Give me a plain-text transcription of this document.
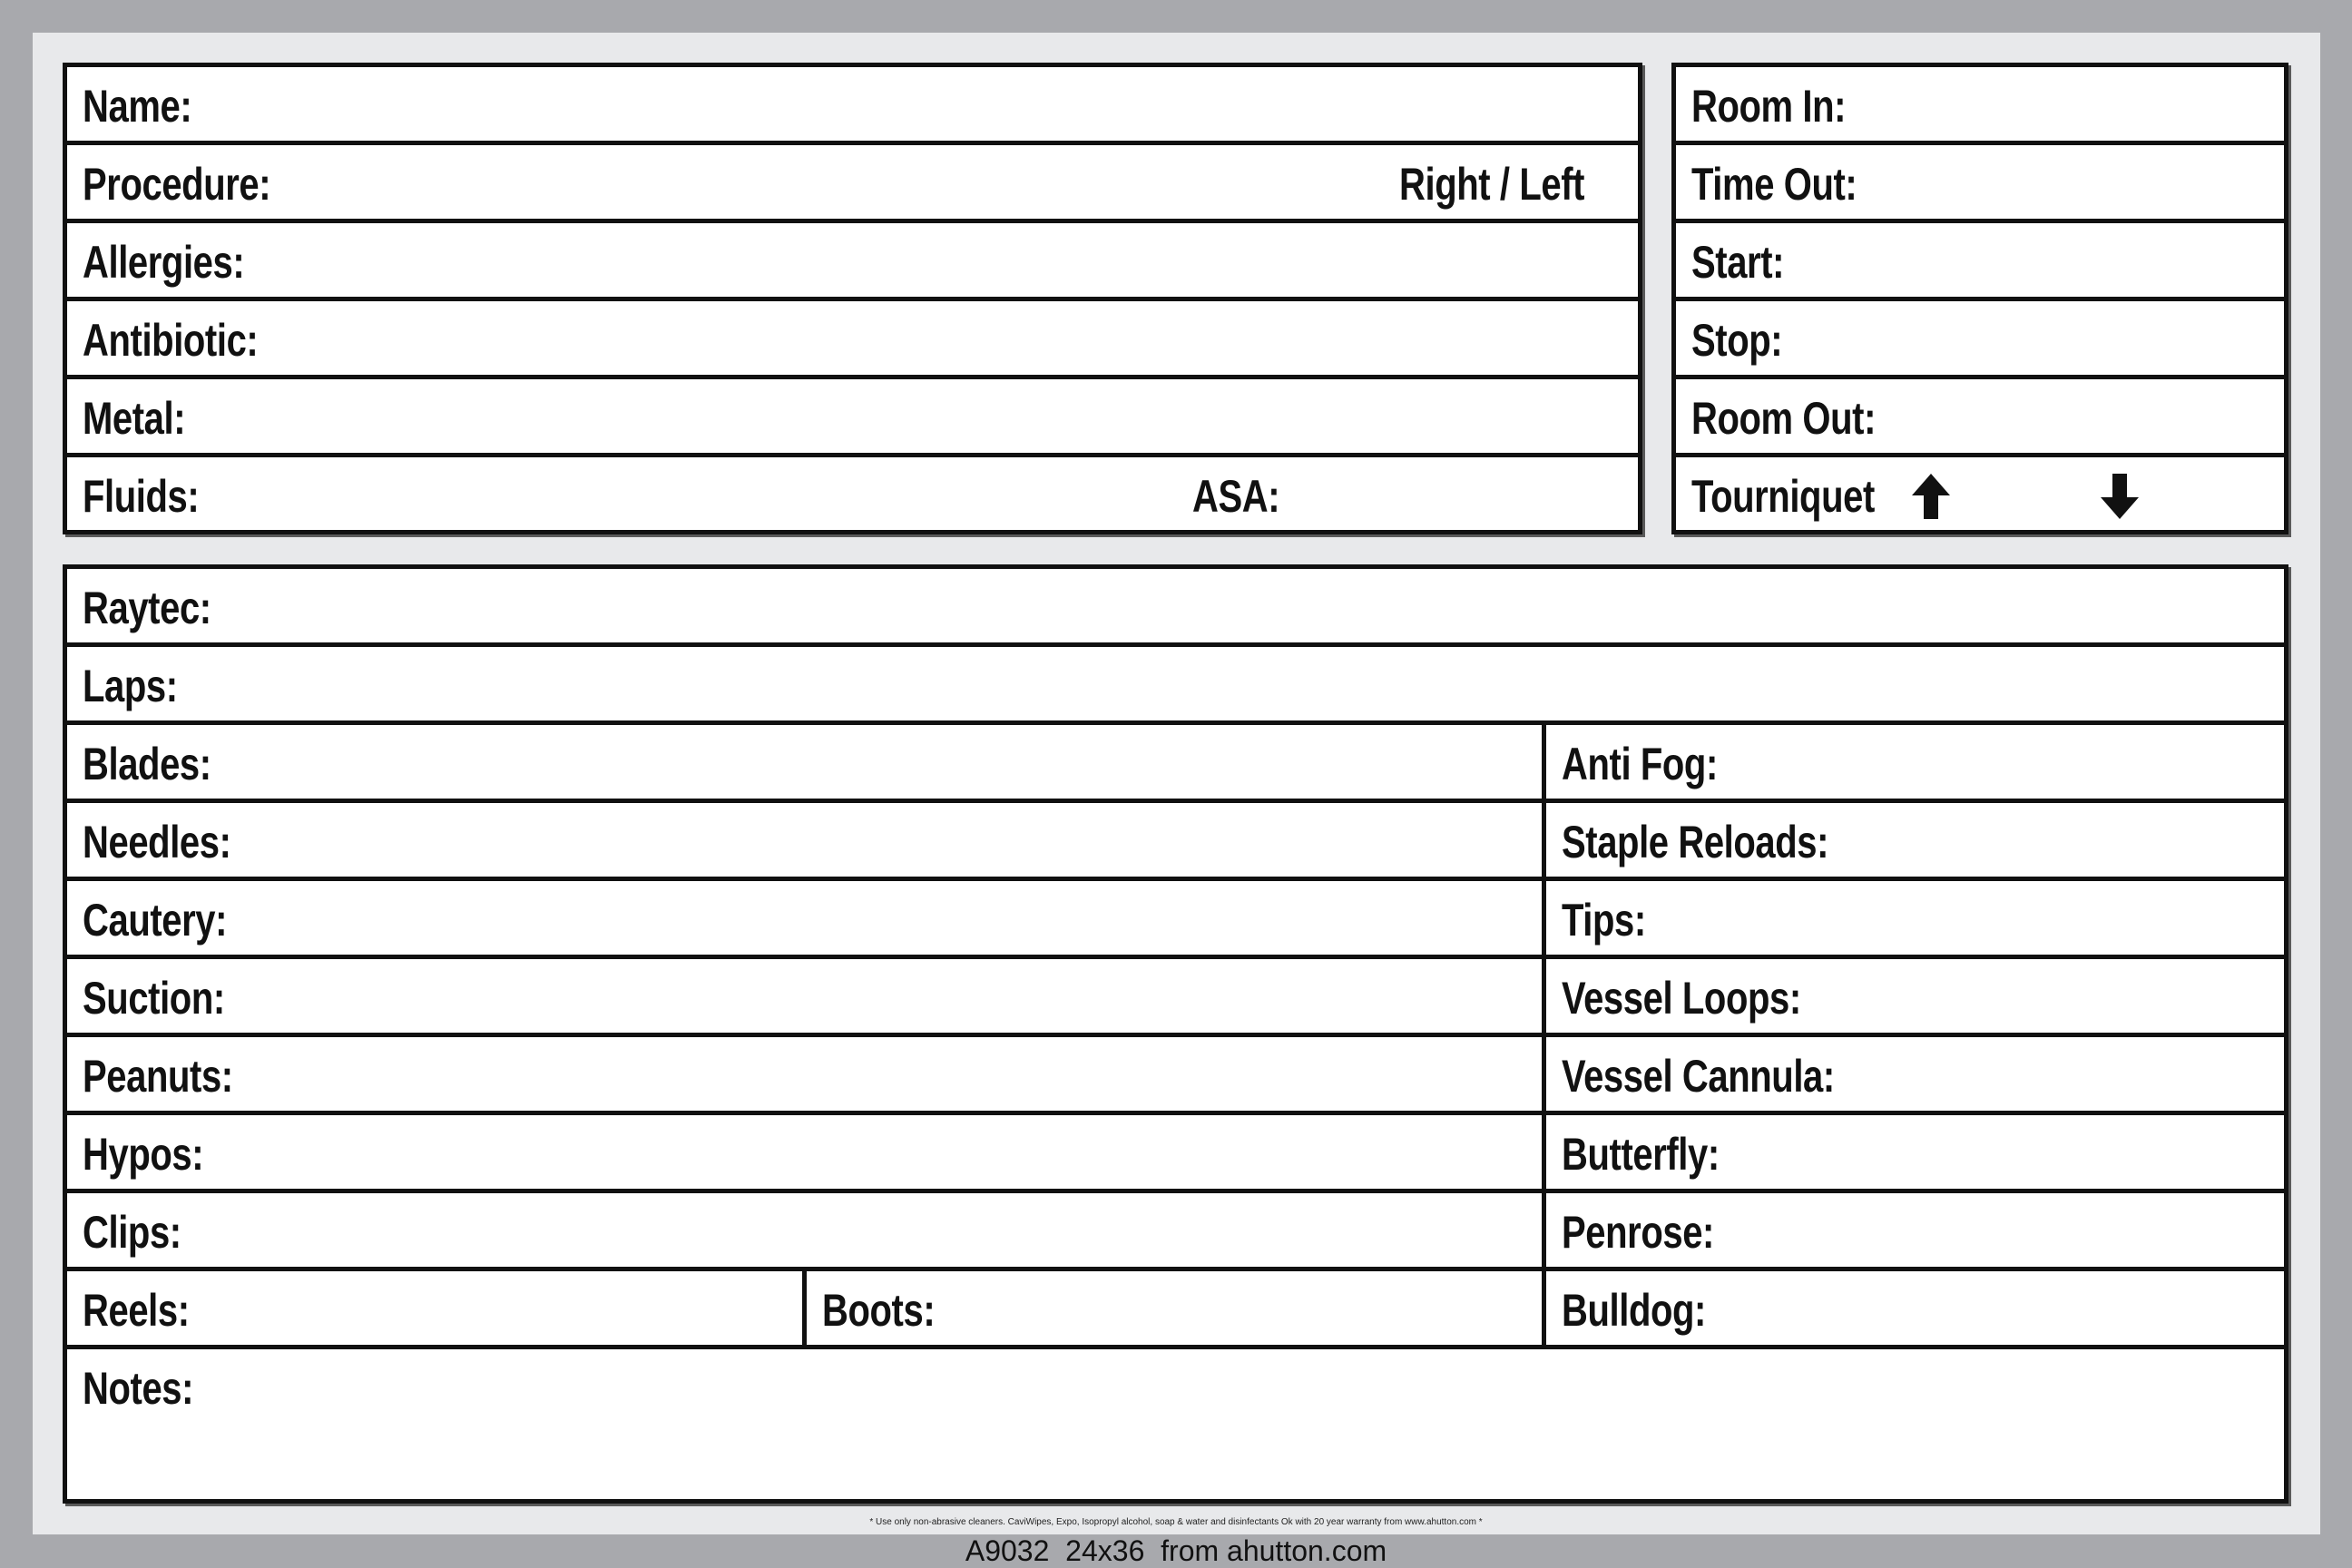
Name:
Procedure:	Right / Left
Allergies:
Antibiotic:
Metal:
Fluids:	ASA:
Room In:
Time Out:
Start:
Stop:
Room Out:
Tourniquet
Raytec:
Laps:
Blades:	Anti Fog:
Needles:	Staple Reloads:
Cautery:	Tips:
Suction:	Vessel Loops:
Peanuts:	Vessel Cannula:
Hypos:	Butterfly:
Clips:	Penrose:
Reels:	Boots:	Bulldog:
Notes:
* Use only non-abrasive cleaners. CaviWipes, Expo, Isopropyl alcohol, soap & water and disinfectants Ok with 20 year warranty from www.ahutton.com *
A9032  24x36  from ahutton.com
